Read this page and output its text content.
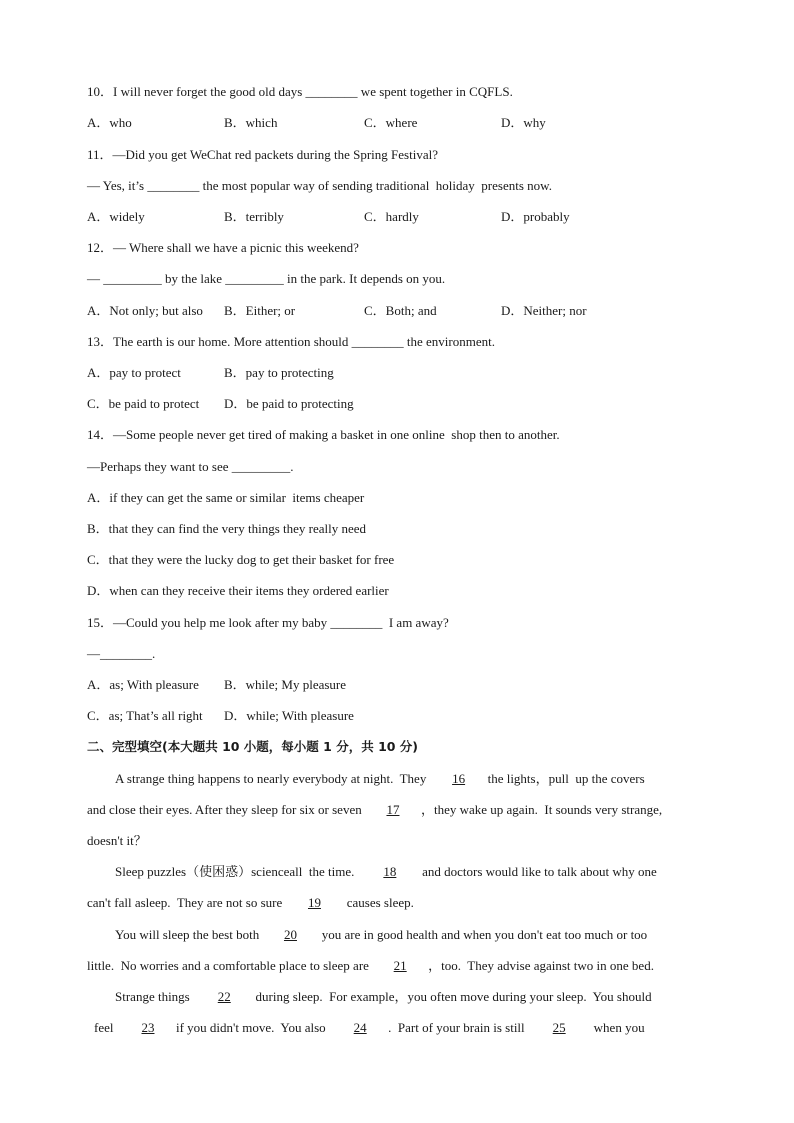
10．I will never forget the good old days ________ we spent together in CQFLS.
A．who	B．which	C．where	D．why
11．—Did you get WeChat red packets during the Spring Festival?
— Yes, it’s ________ the most popular way of sending traditional  holiday  presents now.
A．widely	B．terribly	C．hardly	D．probably
12．— Where shall we have a picnic this weekend?
— _________ by the lake _________ in the park. It depends on you.
A．Not only; but also B．Either; or	C．Both; and	D．Neither; nor
13．The earth is our home. More attention should ________ the environment.
A．pay to protect	B．pay to protecting
C．be paid to protect D．be paid to protecting
14．—Some people never get tired of making a basket in one online  shop then to another.
—Perhaps they want to see _________.
A．if they can get the same or similar  items cheaper
B．that they can find the very things they really need
C．that they were the lucky dog to get their basket for free
D．when can they receive their items they ordered earlier
15．—Could you help me look after my baby ________  I am away?
—________.
A．as; With pleasure B．while; My pleasure
C．as; That’s all right D．while; With pleasure
二、完型填空(本大题共 10 小题，每小题 1 分，共 10 分)
A strange thing happens to nearly everybody at night.  They 16 the lights，pull  up the covers
and close their eyes. After they sleep for six or seven 17 ，they wake up again.  It sounds very strange,
doesn't it？
Sleep puzzles（使困惑）scienceall  the time.  18 and doctors would like to talk about why one
can't fall asleep.  They are not so sure 19 causes sleep.
You will sleep the best both 20 you are in good health and when you don't eat too much or too
little.  No worries and a comfortable place to sleep are 21 ，too.  They advise against two in one bed.
Strange things  22 during sleep.  For example，you often move during your sleep.  You should
feel  23 if you didn't move.  You also  24 .  Part of your brain is still  25  when you
